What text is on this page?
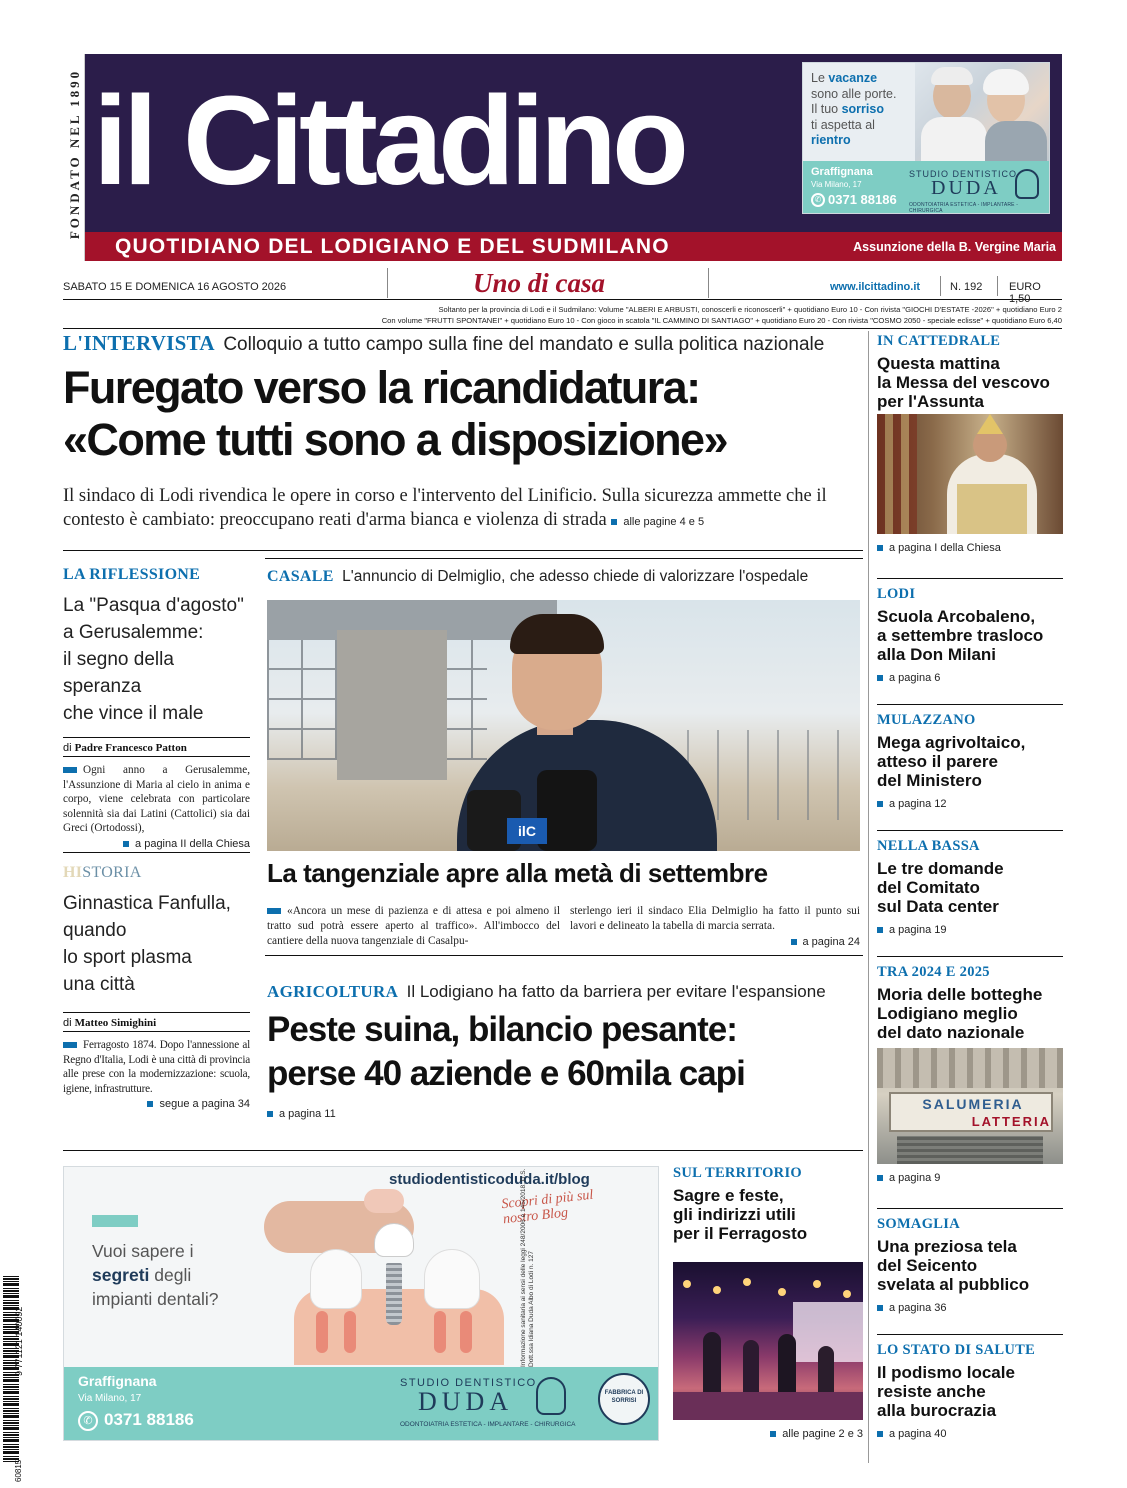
FONDATO NEL 1890 il Cittadino
QUOTIDIANO DEL LODIGIANO E DEL SUDMILANO	Assunzione della B. Vergine Maria
Le vacanze
sono alle porte.
Il tuo sorriso
ti aspetta al
rientro
Graffignana
Via Milano, 17
✆ 0371 88186
STUDIO DENTISTICO
DUDA
ODONTOIATRIA ESTETICA - IMPLANTARE - CHIRURGICA
SABATO 15 E DOMENICA 16 AGOSTO 2026	Uno di casa	www.ilcittadino.it	N. 192 EURO 1,50
Soltanto per la provincia di Lodi e il Sudmilano: Volume "ALBERI E ARBUSTI, conoscerli e riconoscerli" + quotidiano Euro 10 - Con rivista "GIOCHI D'ESTATE -2026" + quotidiano Euro 2
Con volume "FRUTTI SPONTANEI" + quotidiano Euro 10 - Con gioco in scatola "IL CAMMINO DI SANTIAGO" + quotidiano Euro 20 - Con rivista "COSMO 2050 - speciale eclisse" + quotidiano Euro 6,40
L'INTERVISTA Colloquio a tutto campo sulla fine del mandato e sulla politica nazionale
Furegato verso la ricandidatura:
«Come tutti sono a disposizione»
Il sindaco di Lodi rivendica le opere in corso e l'intervento del Linificio. Sulla sicurezza ammette che il contesto è cambiato: preoccupano reati d'arma bianca e violenza di strada alle pagine 4 e 5
LA RIFLESSIONE
La "Pasqua d'agosto"
a Gerusalemme:
il segno della speranza
che vince il male
di Padre Francesco Patton
Ogni anno a Gerusalemme, l'Assunzione di Maria al cielo in anima e corpo, viene celebrata con particolare solennità sia dai Latini (Cattolici) sia dai Greci (Ortodossi),
a pagina II della Chiesa
HISTORIA
Ginnastica Fanfulla,
quando
lo sport plasma
una città
di Matteo Simighini
Ferragosto 1874. Dopo l'annessione al Regno d'Italia, Lodi è una città di provincia alle prese con la modernizzazione: scuola, igiene, infrastrutture.
segue a pagina 34
CASALE L'annuncio di Delmiglio, che adesso chiede di valorizzare l'ospedale
ilC
La tangenziale apre alla metà di settembre
«Ancora un mese di pazienza e di attesa e poi almeno il tratto sud potrà essere aperto al traffico». All'imbocco del cantiere della nuova tangenziale di Casalpu-
sterlengo ieri il sindaco Elia Delmiglio ha fatto il punto sui lavori e delineato la tabella di marcia serrata.
a pagina 24
AGRICOLTURA Il Lodigiano ha fatto da barriera per evitare l'espansione
Peste suina, bilancio pesante:
perse 40 aziende e 60mila capi
a pagina 11
IN CATTEDRALE
Questa mattina
la Messa del vescovo
per l'Assunta
a pagina I della Chiesa
LODI
Scuola Arcobaleno,
a settembre trasloco
alla Don Milani
a pagina 6
MULAZZANO
Mega agrivoltaico,
atteso il parere
del Ministero
a pagina 12
NELLA BASSA
Le tre domande
del Comitato
sul Data center
a pagina 19
TRA 2024 E 2025
Moria delle botteghe
Lodigiano meglio
del dato nazionale
SALUMERIA
LATTERIA
a pagina 9
SOMAGLIA
Una preziosa tela
del Seicento
svelata al pubblico
a pagina 36
LO STATO DI SALUTE
Il podismo locale
resiste anche
alla burocrazia
a pagina 40
SUL TERRITORIO
Sagre e feste,
gli indirizzi utili
per il Ferragosto
alle pagine 2 e 3
studiodentisticoduda.it/blog
Scopri di più sul nostro Blog
Vuoi sapere i
segreti degli
impianti dentali?	Informazione sanitaria ai sensi delle leggi 248/2006 e 145/2018. D.S. Dott.ssa Idiana Duda Albo di Lodi n. 127
Graffignana
Via Milano, 17
✆ 0371 88186
STUDIO DENTISTICO
DUDA
ODONTOIATRIA ESTETICA - IMPLANTARE - CHIRURGICA
FABBRICA DI SORRISI
9 771121 140092
60815
